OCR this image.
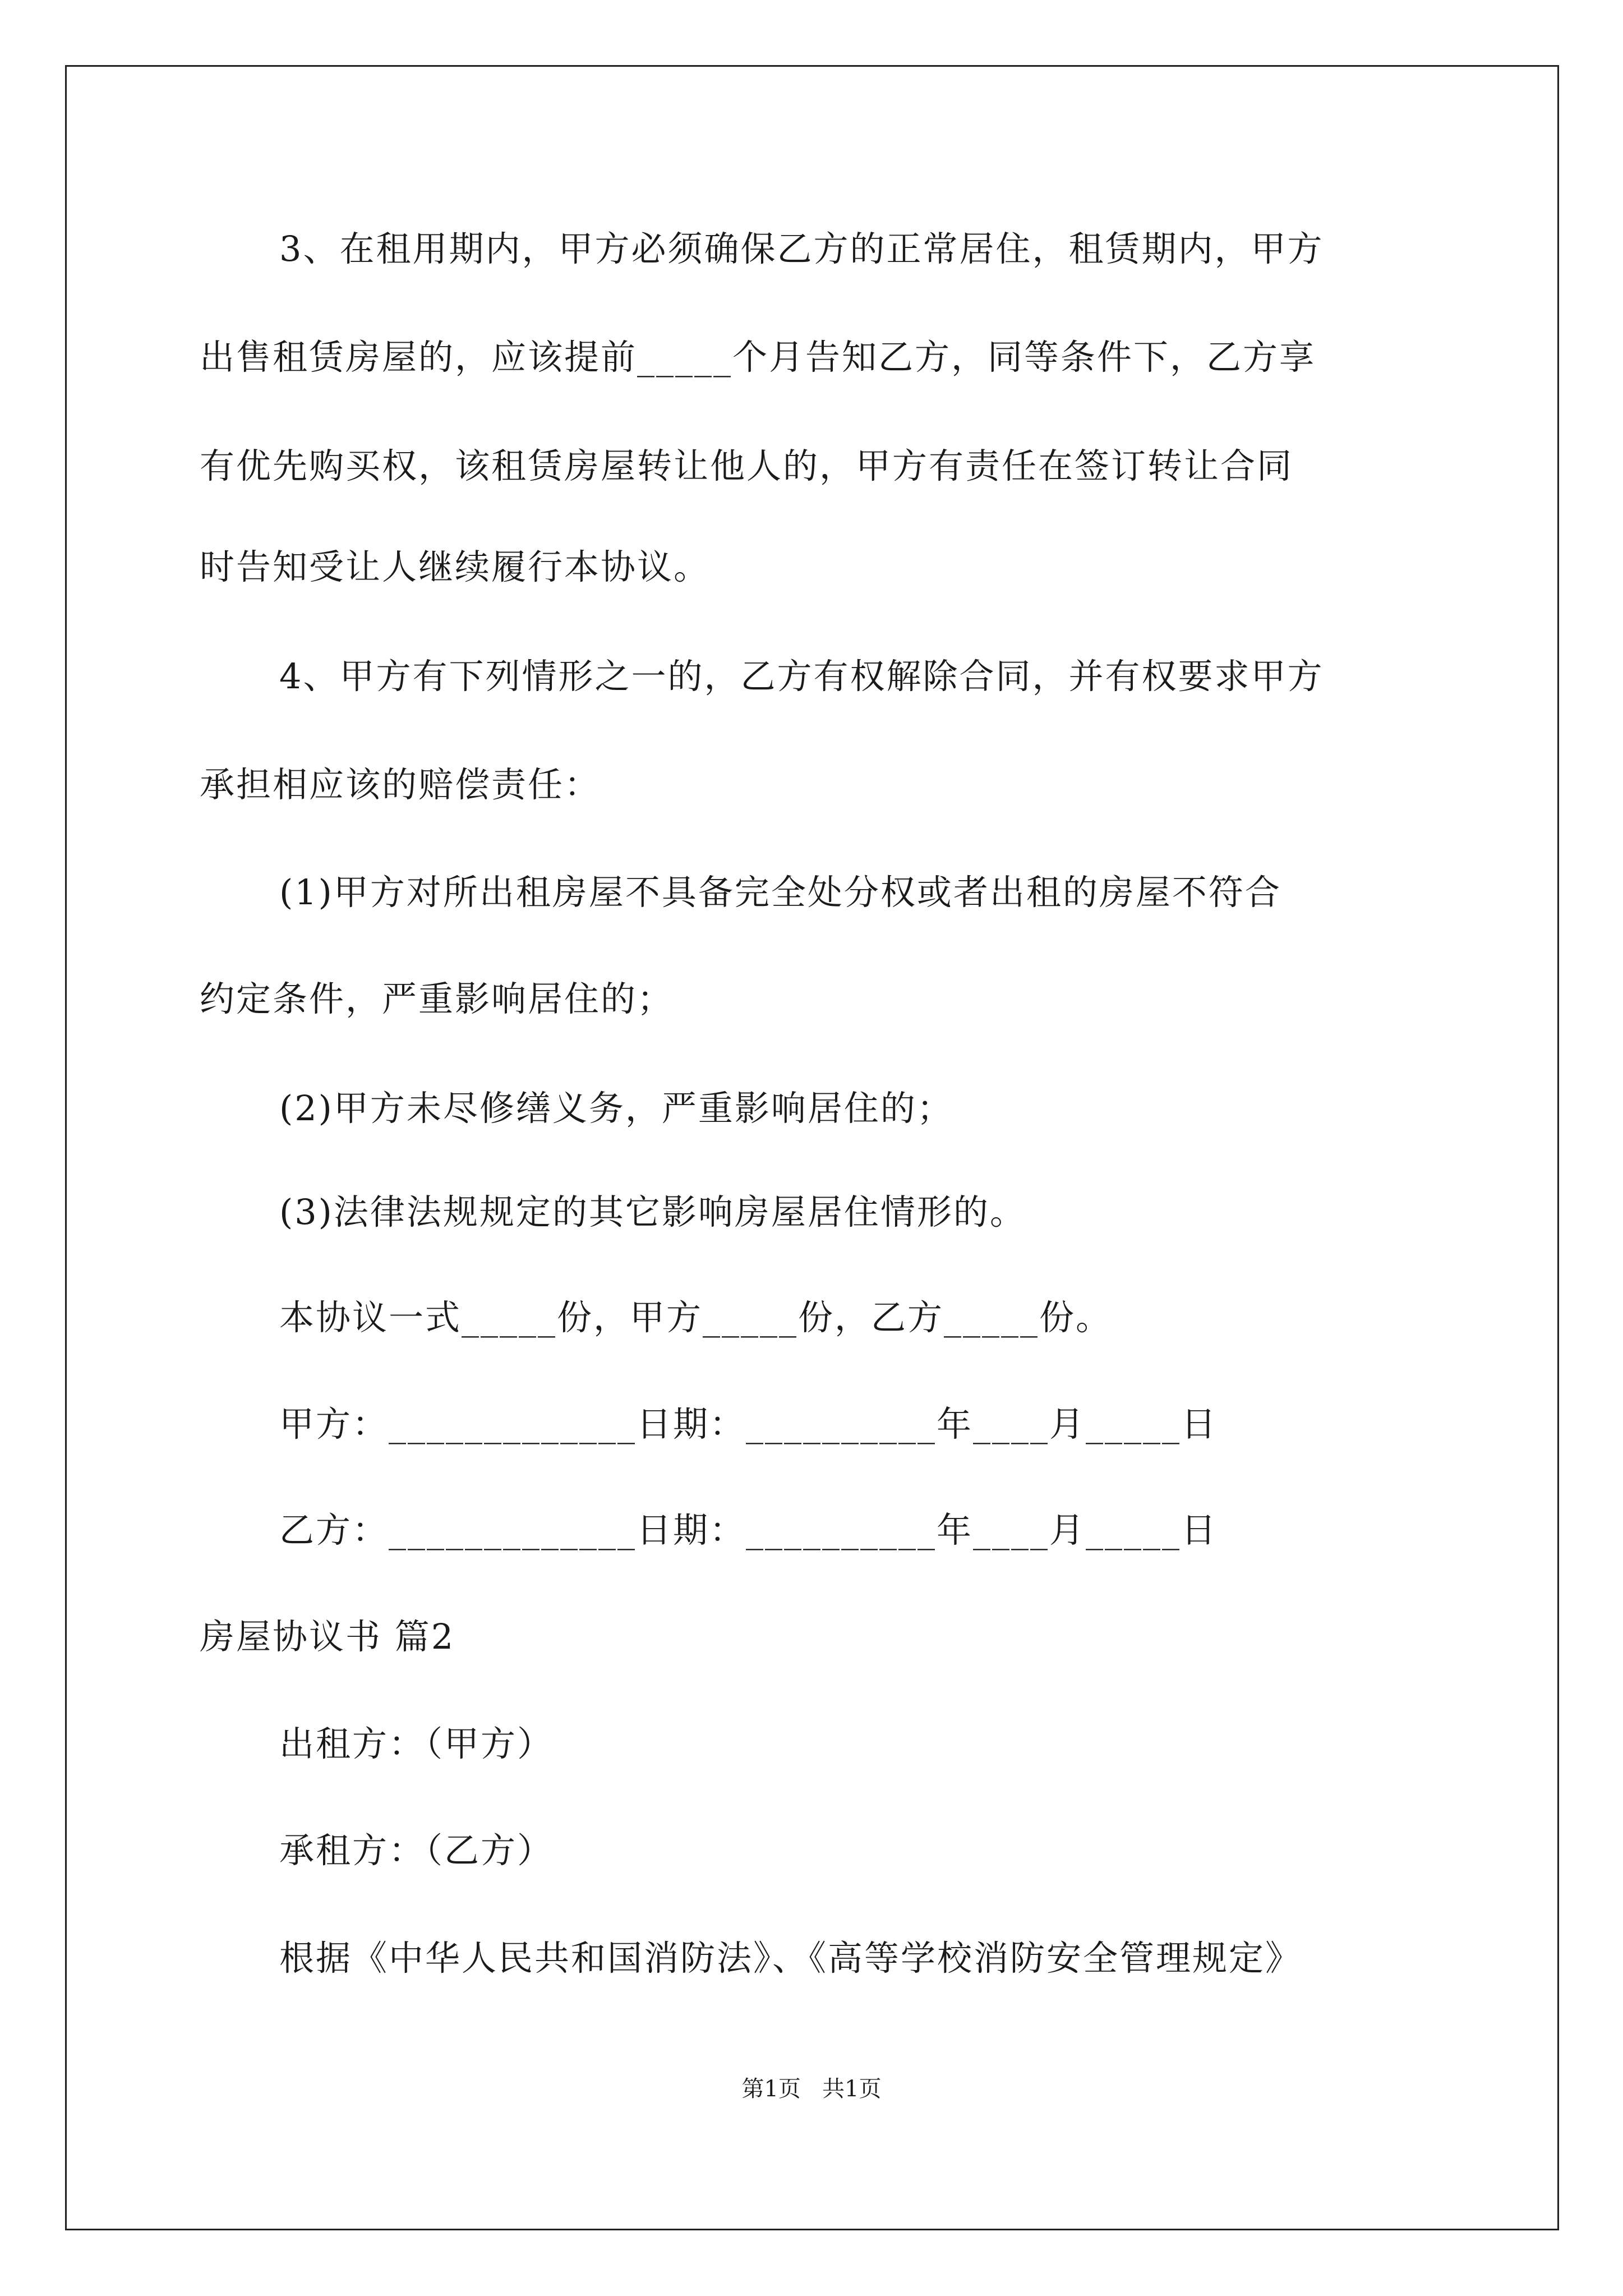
3、在租用期内，甲方必须确保乙方的正常居住，租赁期内，甲方
出售租赁房屋的，应该提前_____个月告知乙方，同等条件下，乙方享
有优先购买权，该租赁房屋转让他人的，甲方有责任在签订转让合同
时告知受让人继续履行本协议。
4、甲方有下列情形之一的，乙方有权解除合同，并有权要求甲方
承担相应该的赔偿责任：
(1)甲方对所出租房屋不具备完全处分权或者出租的房屋不符合
约定条件，严重影响居住的；
(2)甲方未尽修缮义务，严重影响居住的；
(3)法律法规规定的其它影响房屋居住情形的。
本协议一式_____份，甲方_____份，乙方_____份。
甲方：_____________日期：__________年____月_____日
乙方：_____________日期：__________年____月_____日
房屋协议书 篇2
出租方：（甲方）
承租方：（乙方）
根据《中华人民共和国消防法》、《高等学校消防安全管理规定》
第1页   共1页
